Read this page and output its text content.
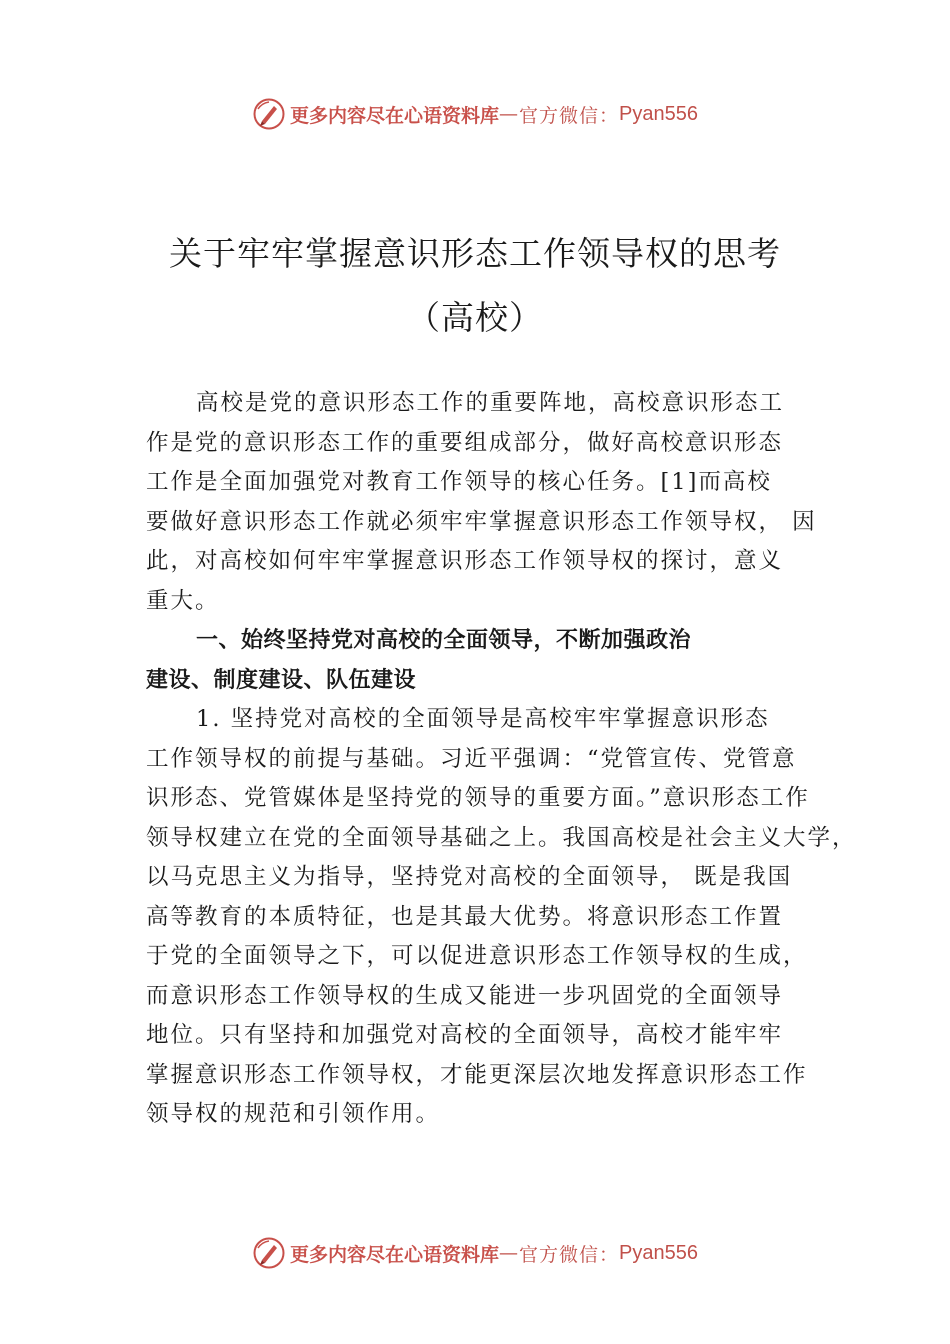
更多内容尽在心语资料库 — 官方微信： Pyan556
关于牢牢掌握意识形态工作领导权的思考
（高校）
高校是党的意识形态工作的重要阵地，高校意识形态工
作是党的意识形态工作的重要组成部分，做好高校意识形态
工作是全面加强党对教育工作领导的核心任务。[1]而高校
要做好意识形态工作就必须牢牢掌握意识形态工作领导权， 因
此，对高校如何牢牢掌握意识形态工作领导权的探讨，意义
重大。
一、始终坚持党对高校的全面领导，不断加强政治
建设、制度建设、队伍建设
1. 坚持党对高校的全面领导是高校牢牢掌握意识形态
工作领导权的前提与基础。习近平强调：“党管宣传、党管意
识形态、党管媒体是坚持党的领导的重要方面。”意识形态工作
领导权建立在党的全面领导基础之上。我国高校是社会主义大学，
以马克思主义为指导，坚持党对高校的全面领导， 既是我国
高等教育的本质特征，也是其最大优势。将意识形态工作置
于党的全面领导之下，可以促进意识形态工作领导权的生成，
而意识形态工作领导权的生成又能进一步巩固党的全面领导
地位。只有坚持和加强党对高校的全面领导，高校才能牢牢
掌握意识形态工作领导权，才能更深层次地发挥意识形态工作
领导权的规范和引领作用。
更多内容尽在心语资料库 — 官方微信： Pyan556
